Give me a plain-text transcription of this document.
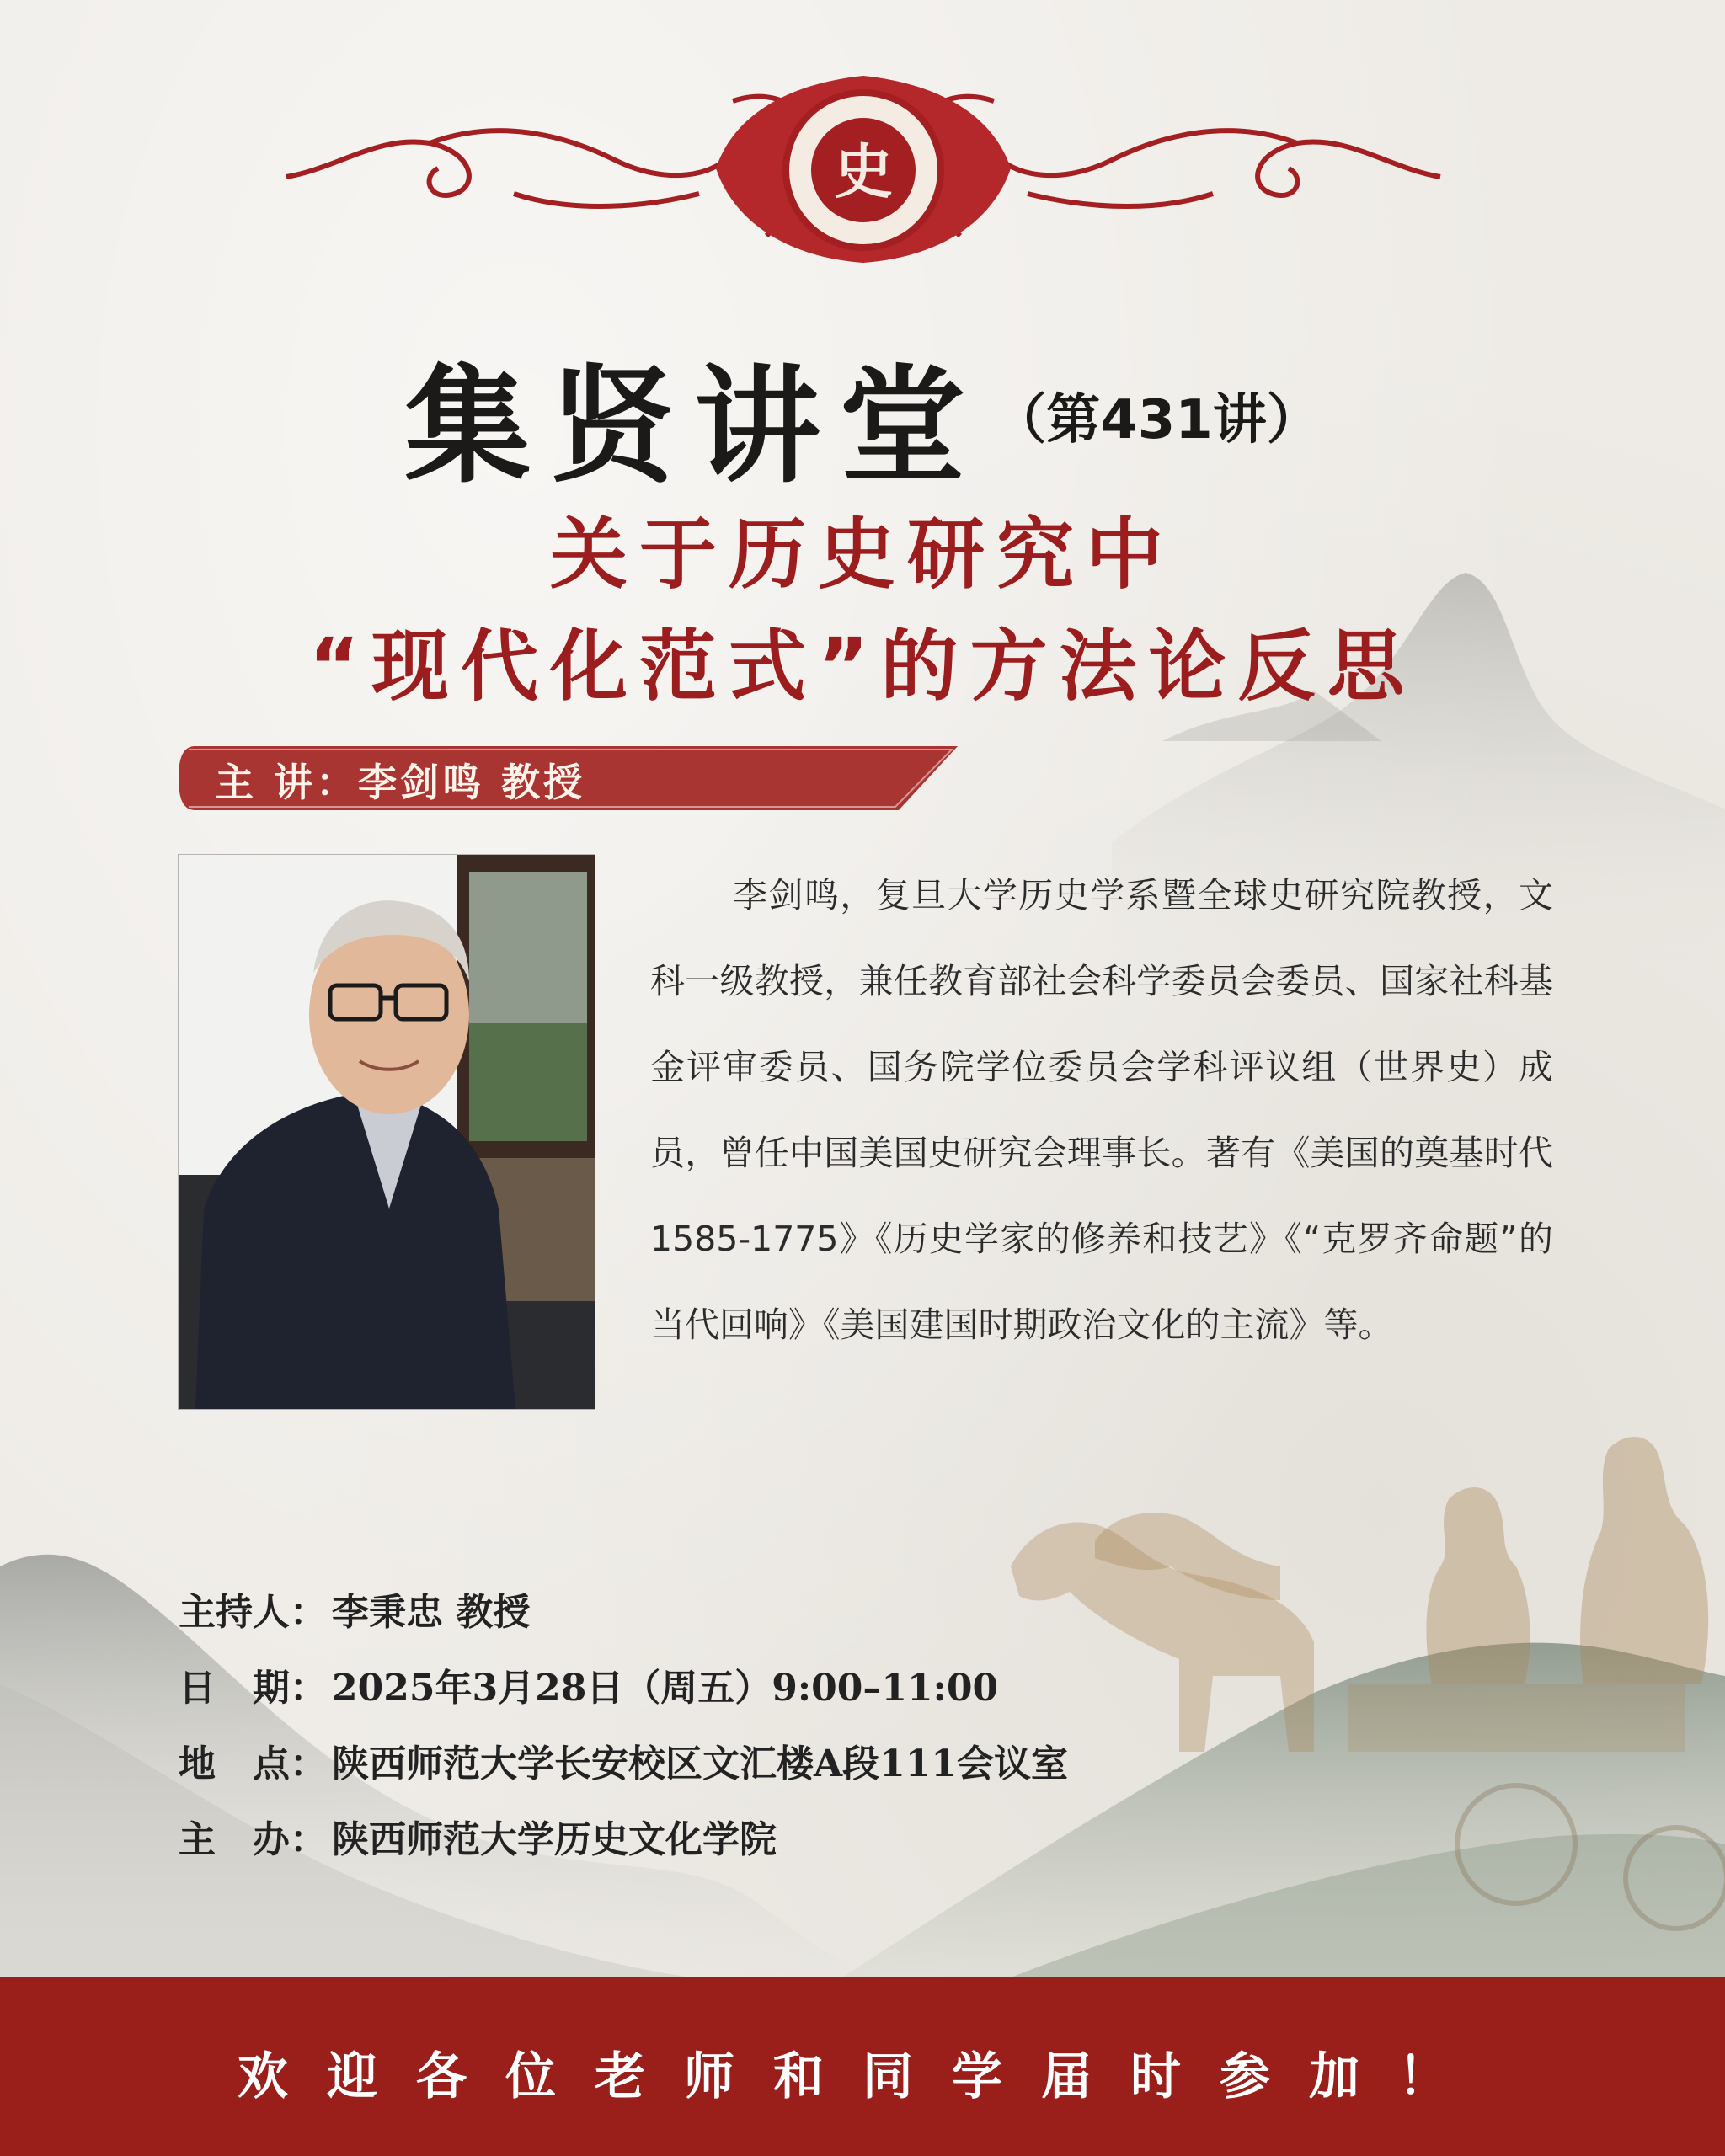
史
集贤讲堂 （第431讲）
关于历史研究中
“现代化范式”的方法论反思
主 讲：李剑鸣 教授
李剑鸣，复旦大学历史学系暨全球史研究院教授，文科一级教授，兼任教育部社会科学委员会委员、国家社科基金评审委员、国务院学位委员会学科评议组（世界史）成员，曾任中国美国史研究会理事长。著有《美国的奠基时代1585-1775》《历史学家的修养和技艺》《“克罗齐命题”的当代回响》《美国建国时期政治文化的主流》等。
主持人： 李秉忠 教授
日　期： 2025年3月28日（周五）9:00–11:00
地　点： 陕西师范大学长安校区文汇楼A段111会议室
主　办： 陕西师范大学历史文化学院
欢迎各位老师和同学届时参加！
